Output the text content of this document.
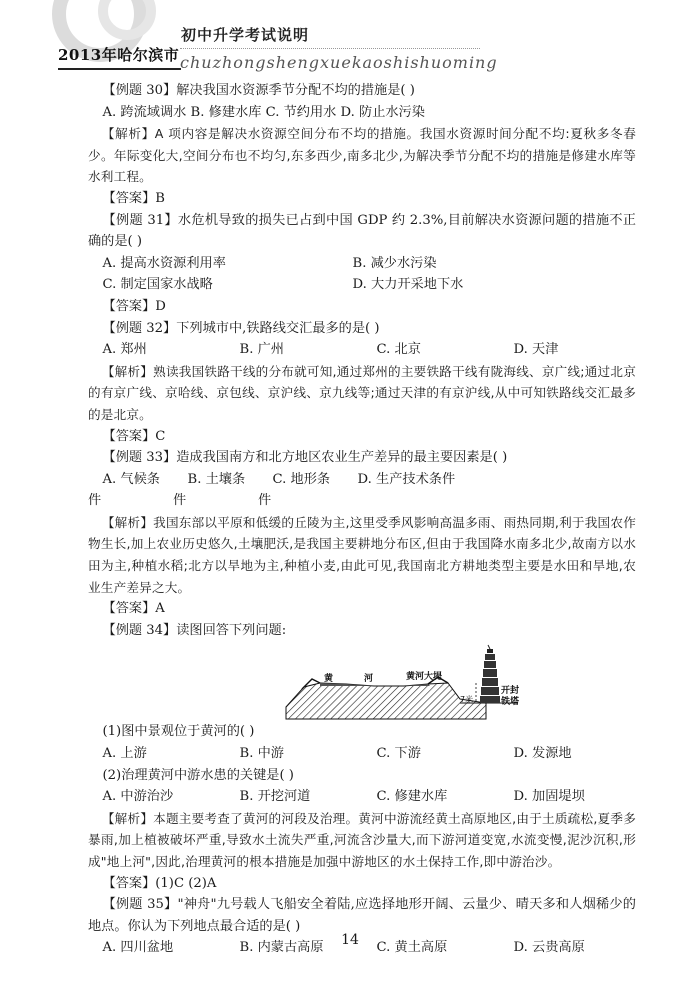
初中升学考试说明
2013年哈尔滨市 chuzhongshengxuekaoshishuoming

【例题 30】解决我国水资源季节分配不均的措施是( )

A. 跨流域调水 B. 修建水库 C. 节约用水 D. 防止水污染

【解析】A 项内容是解决水资源空间分布不均的措施。我国水资源时间分配不均:夏秋多冬春少。年际变化大,空间分布也不均匀,东多西少,南多北少,为解决季节分配不均的措施是修建水库等水利工程。

【答案】B

【例题 31】水危机导致的损失已占到中国 GDP 约 2.3%,目前解决水资源问题的措施不正确的是( )

A. 提高水资源利用率	B. 减少水污染
C. 制定国家水战略	D. 大力开采地下水

【答案】D

【例题 32】下列城市中,铁路线交汇最多的是( )

A. 郑州	B. 广州	C. 北京	D. 天津

【解析】熟读我国铁路干线的分布就可知,通过郑州的主要铁路干线有陇海线、京广线;通过北京的有京广线、京哈线、京包线、京沪线、京九线等;通过天津的有京沪线,从中可知铁路线交汇最多的是北京。

【答案】C

【例题 33】造成我国南方和北方地区农业生产差异的最主要因素是( )

A. 气候条件
B. 土壤条件
C. 地形条件
D. 生产技术条件

【解析】我国东部以平原和低缓的丘陵为主,这里受季风影响高温多雨、雨热同期,利于我国农作物生长,加上农业历史悠久,土壤肥沃,是我国主要耕地分布区,但由于我国降水南多北少,故南方以水田为主,种植水稻;北方以旱地为主,种植小麦,由此可见,我国南北方耕地类型主要是水田和旱地,农业生产差异之大。

【答案】A

【例题 34】读图回答下列问题:

黄	河	黄河大堤
7米
开封
铁塔

(1)图中景观位于黄河的( )

A. 上游	B. 中游	C. 下游	D. 发源地

(2)治理黄河中游水患的关键是( )

A. 中游治沙	B. 开挖河道	C. 修建水库	D. 加固堤坝

【解析】本题主要考查了黄河的河段及治理。黄河中游流经黄土高原地区,由于土质疏松,夏季多暴雨,加上植被破坏严重,导致水土流失严重,河流含沙量大,而下游河道变宽,水流变慢,泥沙沉积,形成"地上河",因此,治理黄河的根本措施是加强中游地区的水土保持工作,即中游治沙。

【答案】(1)C (2)A

【例题 35】"神舟"九号载人飞船安全着陆,应选择地形开阔、云量少、晴天多和人烟稀少的地点。你认为下列地点最合适的是( )

A. 四川盆地	B. 内蒙古高原	C. 黄土高原	D. 云贵高原
14
